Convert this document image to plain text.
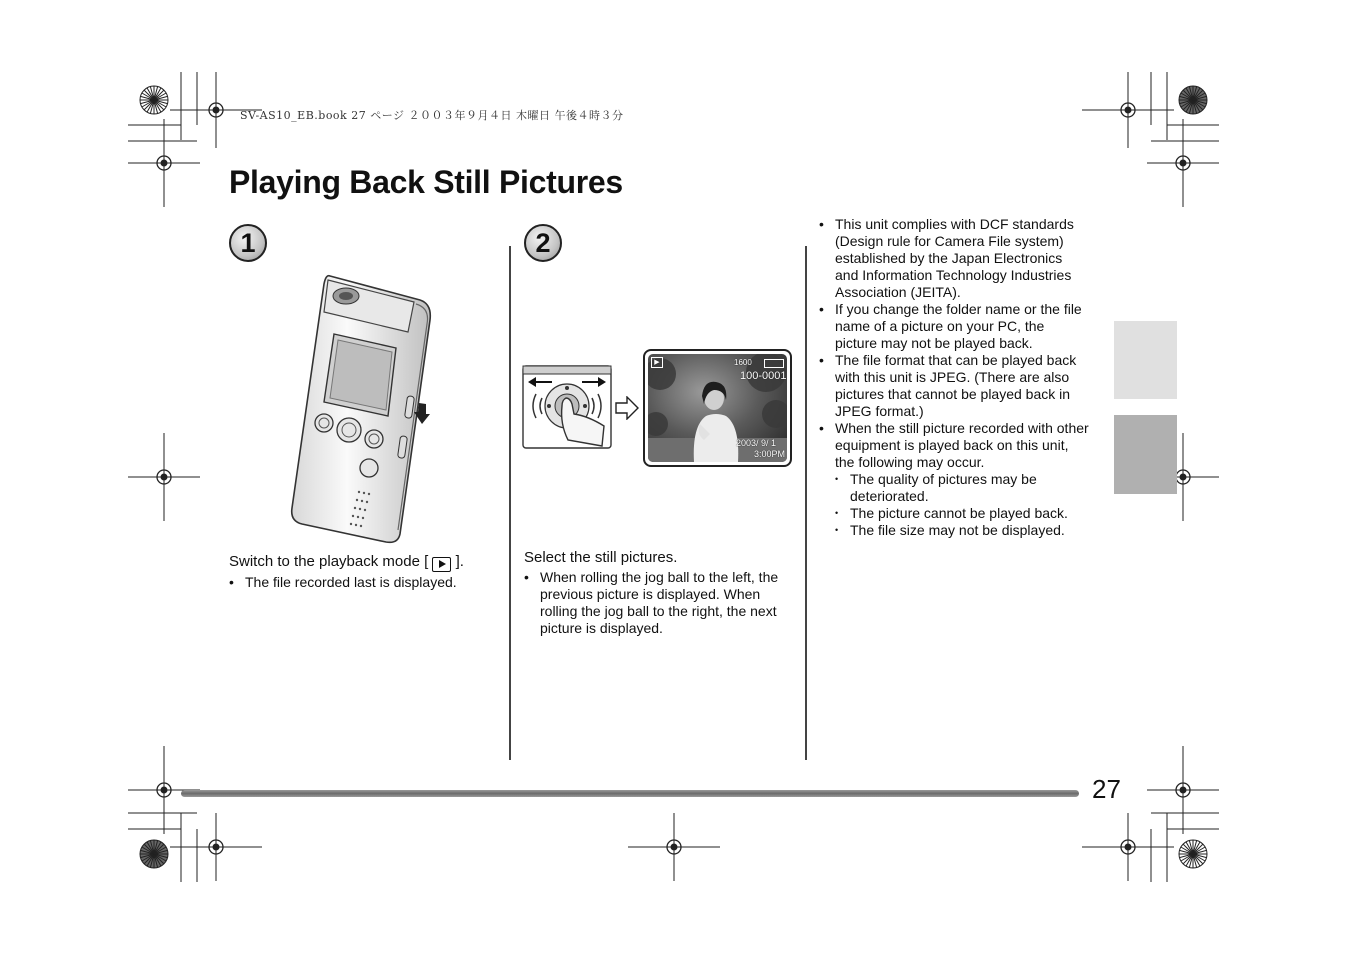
SV-AS10_EB.book 27 ページ ２００３年９月４日 木曜日 午後４時３分
Playing Back Still Pictures
1
Switch to the playback mode [ ].
• The file recorded last is displayed.
2
▶	1600
100-0001
2003/ 9/ 1
3:00PM
Select the still pictures.
• When rolling the jog ball to the left, the previous picture is displayed. When rolling the jog ball to the right, the next picture is displayed.
• This unit complies with DCF standards (Design rule for Camera File system) established by the Japan Electronics and Information Technology Industries Association (JEITA).
• If you change the folder name or the file name of a picture on your PC, the picture may not be played back.
• The file format that can be played back with this unit is JPEG. (There are also pictures that cannot be played back in JPEG format.)
• When the still picture recorded with other equipment is played back on this unit, the following may occur.
• The quality of pictures may be deteriorated.
• The picture cannot be played back.
• The file size may not be displayed.
27
